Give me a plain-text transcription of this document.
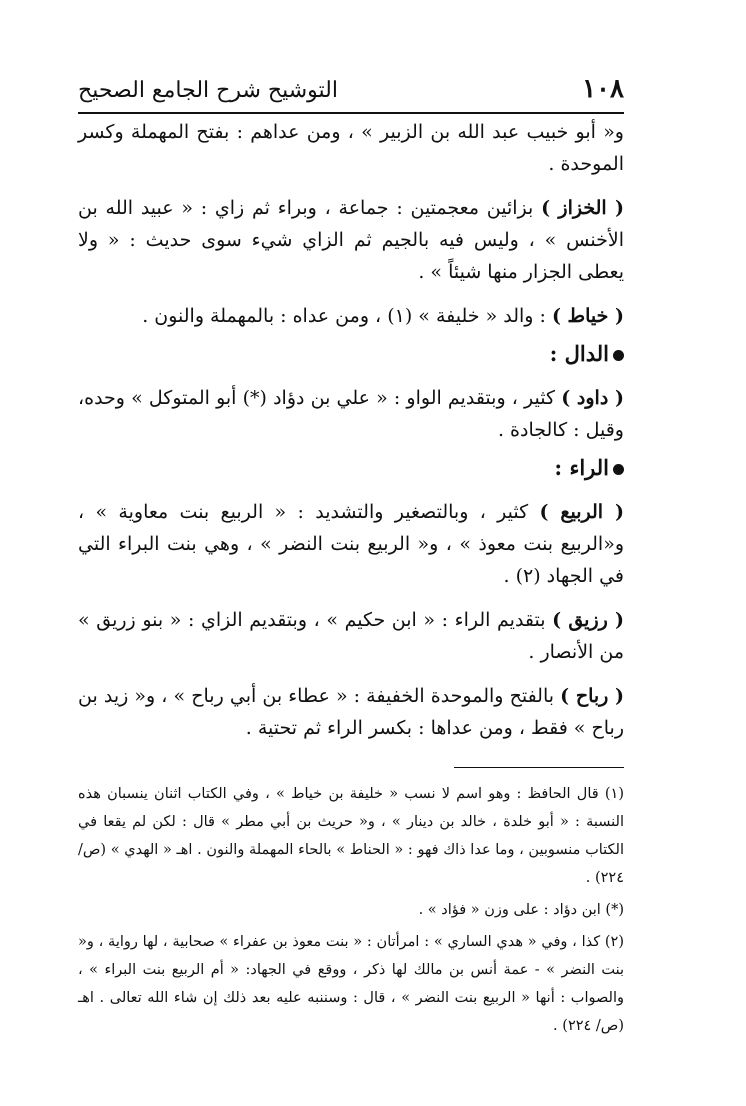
١٠٨
التوشيح شرح الجامع الصحيح

و« أبو خبيب عبد الله بن الزبير » ، ومن عداهم : بفتح المهملة وكسر الموحدة .

( الخزاز ) بزائين معجمتين : جماعة ، وبراء ثم زاي : « عبيد الله بن الأخنس » ، وليس فيه بالجيم ثم الزاي شيء سوى حديث : « ولا يعطى الجزار منها شيئاً » .

( خياط ) : والد « خليفة » (١) ، ومن عداه : بالمهملة والنون .

الدال :

( داود ) كثير ، وبتقديم الواو : « علي بن دؤاد (*) أبو المتوكل » وحده، وقيل : كالجادة .

الراء :

( الربيع ) كثير ، وبالتصغير والتشديد : « الربيع بنت معاوية » ، و«الربيع بنت معوذ » ، و« الربيع بنت النضر » ، وهي بنت البراء التي في الجهاد (٢) .

( رزيق ) بتقديم الراء : « ابن حكيم » ، وبتقديم الزاي : « بنو زريق » من الأنصار .

( رباح ) بالفتح والموحدة الخفيفة : « عطاء بن أبي رباح » ، و« زيد بن رباح » فقط ، ومن عداها : بكسر الراء ثم تحتية .

(١) قال الحافظ : وهو اسم لا نسب « خليفة بن خياط » ، وفي الكتاب اثنان ينسبان هذه النسبة : « أبو خلدة ، خالد بن دينار » ، و« حريث بن أبي مطر » قال : لكن لم يقعا في الكتاب منسوبين ، وما عدا ذاك فهو : « الحناط » بالحاء المهملة والنون . اهـ « الهدي » (ص/ ٢٢٤) .

(*) ابن دؤاد : على وزن « فؤاد » .

(٢) كذا ، وفي « هدي الساري » : امرأتان : « بنت معوذ بن عفراء » صحابية ، لها رواية ، و« بنت النضر » - عمة أنس بن مالك لها ذكر ، ووقع في الجهاد: « أم الربيع بنت البراء » ، والصواب : أنها « الربيع بنت النضر » ، قال : وسننبه عليه بعد ذلك إن شاء الله تعالى . اهـ (ص/ ٢٢٤) .
